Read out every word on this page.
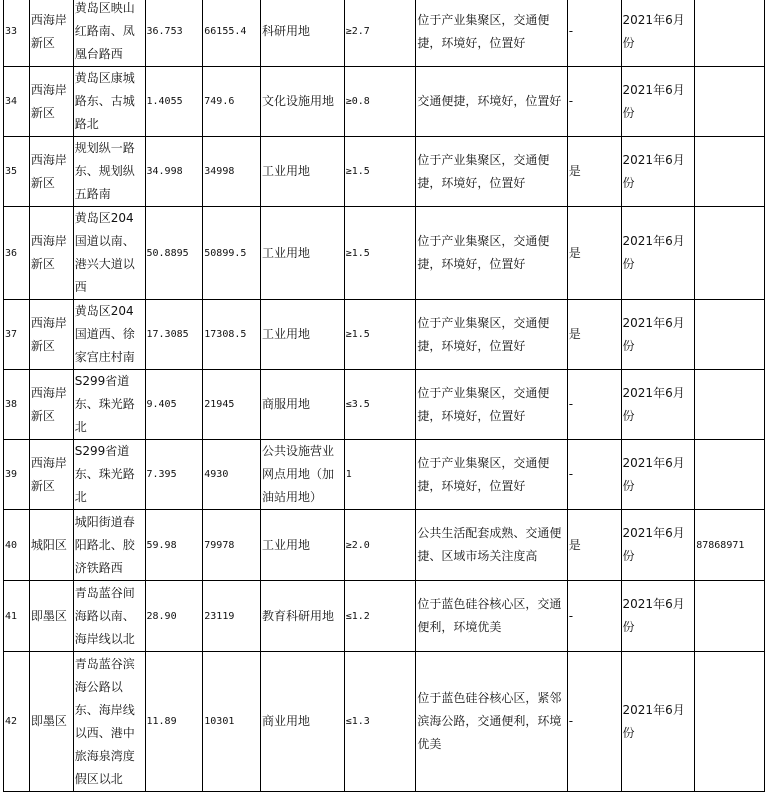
33	西海岸新区	黄岛区映山红路南、凤凰台路西	36.753	66155.4	科研用地	≥2.7	位于产业集聚区，交通便捷，环境好，位置好	-	2021年6月份	
34	西海岸新区	黄岛区康城路东、古城路北	1.4055	749.6	文化设施用地	≥0.8	交通便捷，环境好，位置好	-	2021年6月份	
35	西海岸新区	规划纵一路东、规划纵五路南	34.998	34998	工业用地	≥1.5	位于产业集聚区，交通便捷，环境好，位置好	是	2021年6月份	
36	西海岸新区	黄岛区204国道以南、港兴大道以西	50.8895	50899.5	工业用地	≥1.5	位于产业集聚区，交通便捷，环境好，位置好	是	2021年6月份	
37	西海岸新区	黄岛区204国道西、徐家宫庄村南	17.3085	17308.5	工业用地	≥1.5	位于产业集聚区，交通便捷，环境好，位置好	是	2021年6月份	
38	西海岸新区	S299省道东、珠光路北	9.405	21945	商服用地	≤3.5	位于产业集聚区，交通便捷，环境好，位置好	-	2021年6月份	
39	西海岸新区	S299省道东、珠光路北	7.395	4930	公共设施营业网点用地（加油站用地）	1	位于产业集聚区，交通便捷，环境好，位置好	-	2021年6月份	
40	城阳区	城阳街道春阳路北、胶济铁路西	59.98	79978	工业用地	≥2.0	公共生活配套成熟、交通便捷、区域市场关注度高	是	2021年6月份	87868971
41	即墨区	青岛蓝谷间海路以南、海岸线以北	28.90	23119	教育科研用地	≤1.2	位于蓝色硅谷核心区，交通便利，环境优美	-	2021年6月份	
42	即墨区	青岛蓝谷滨海公路以东、海岸线以西、港中旅海泉湾度假区以北	11.89	10301	商业用地	≤1.3	位于蓝色硅谷核心区，紧邻滨海公路，交通便利，环境优美	-	2021年6月份	
